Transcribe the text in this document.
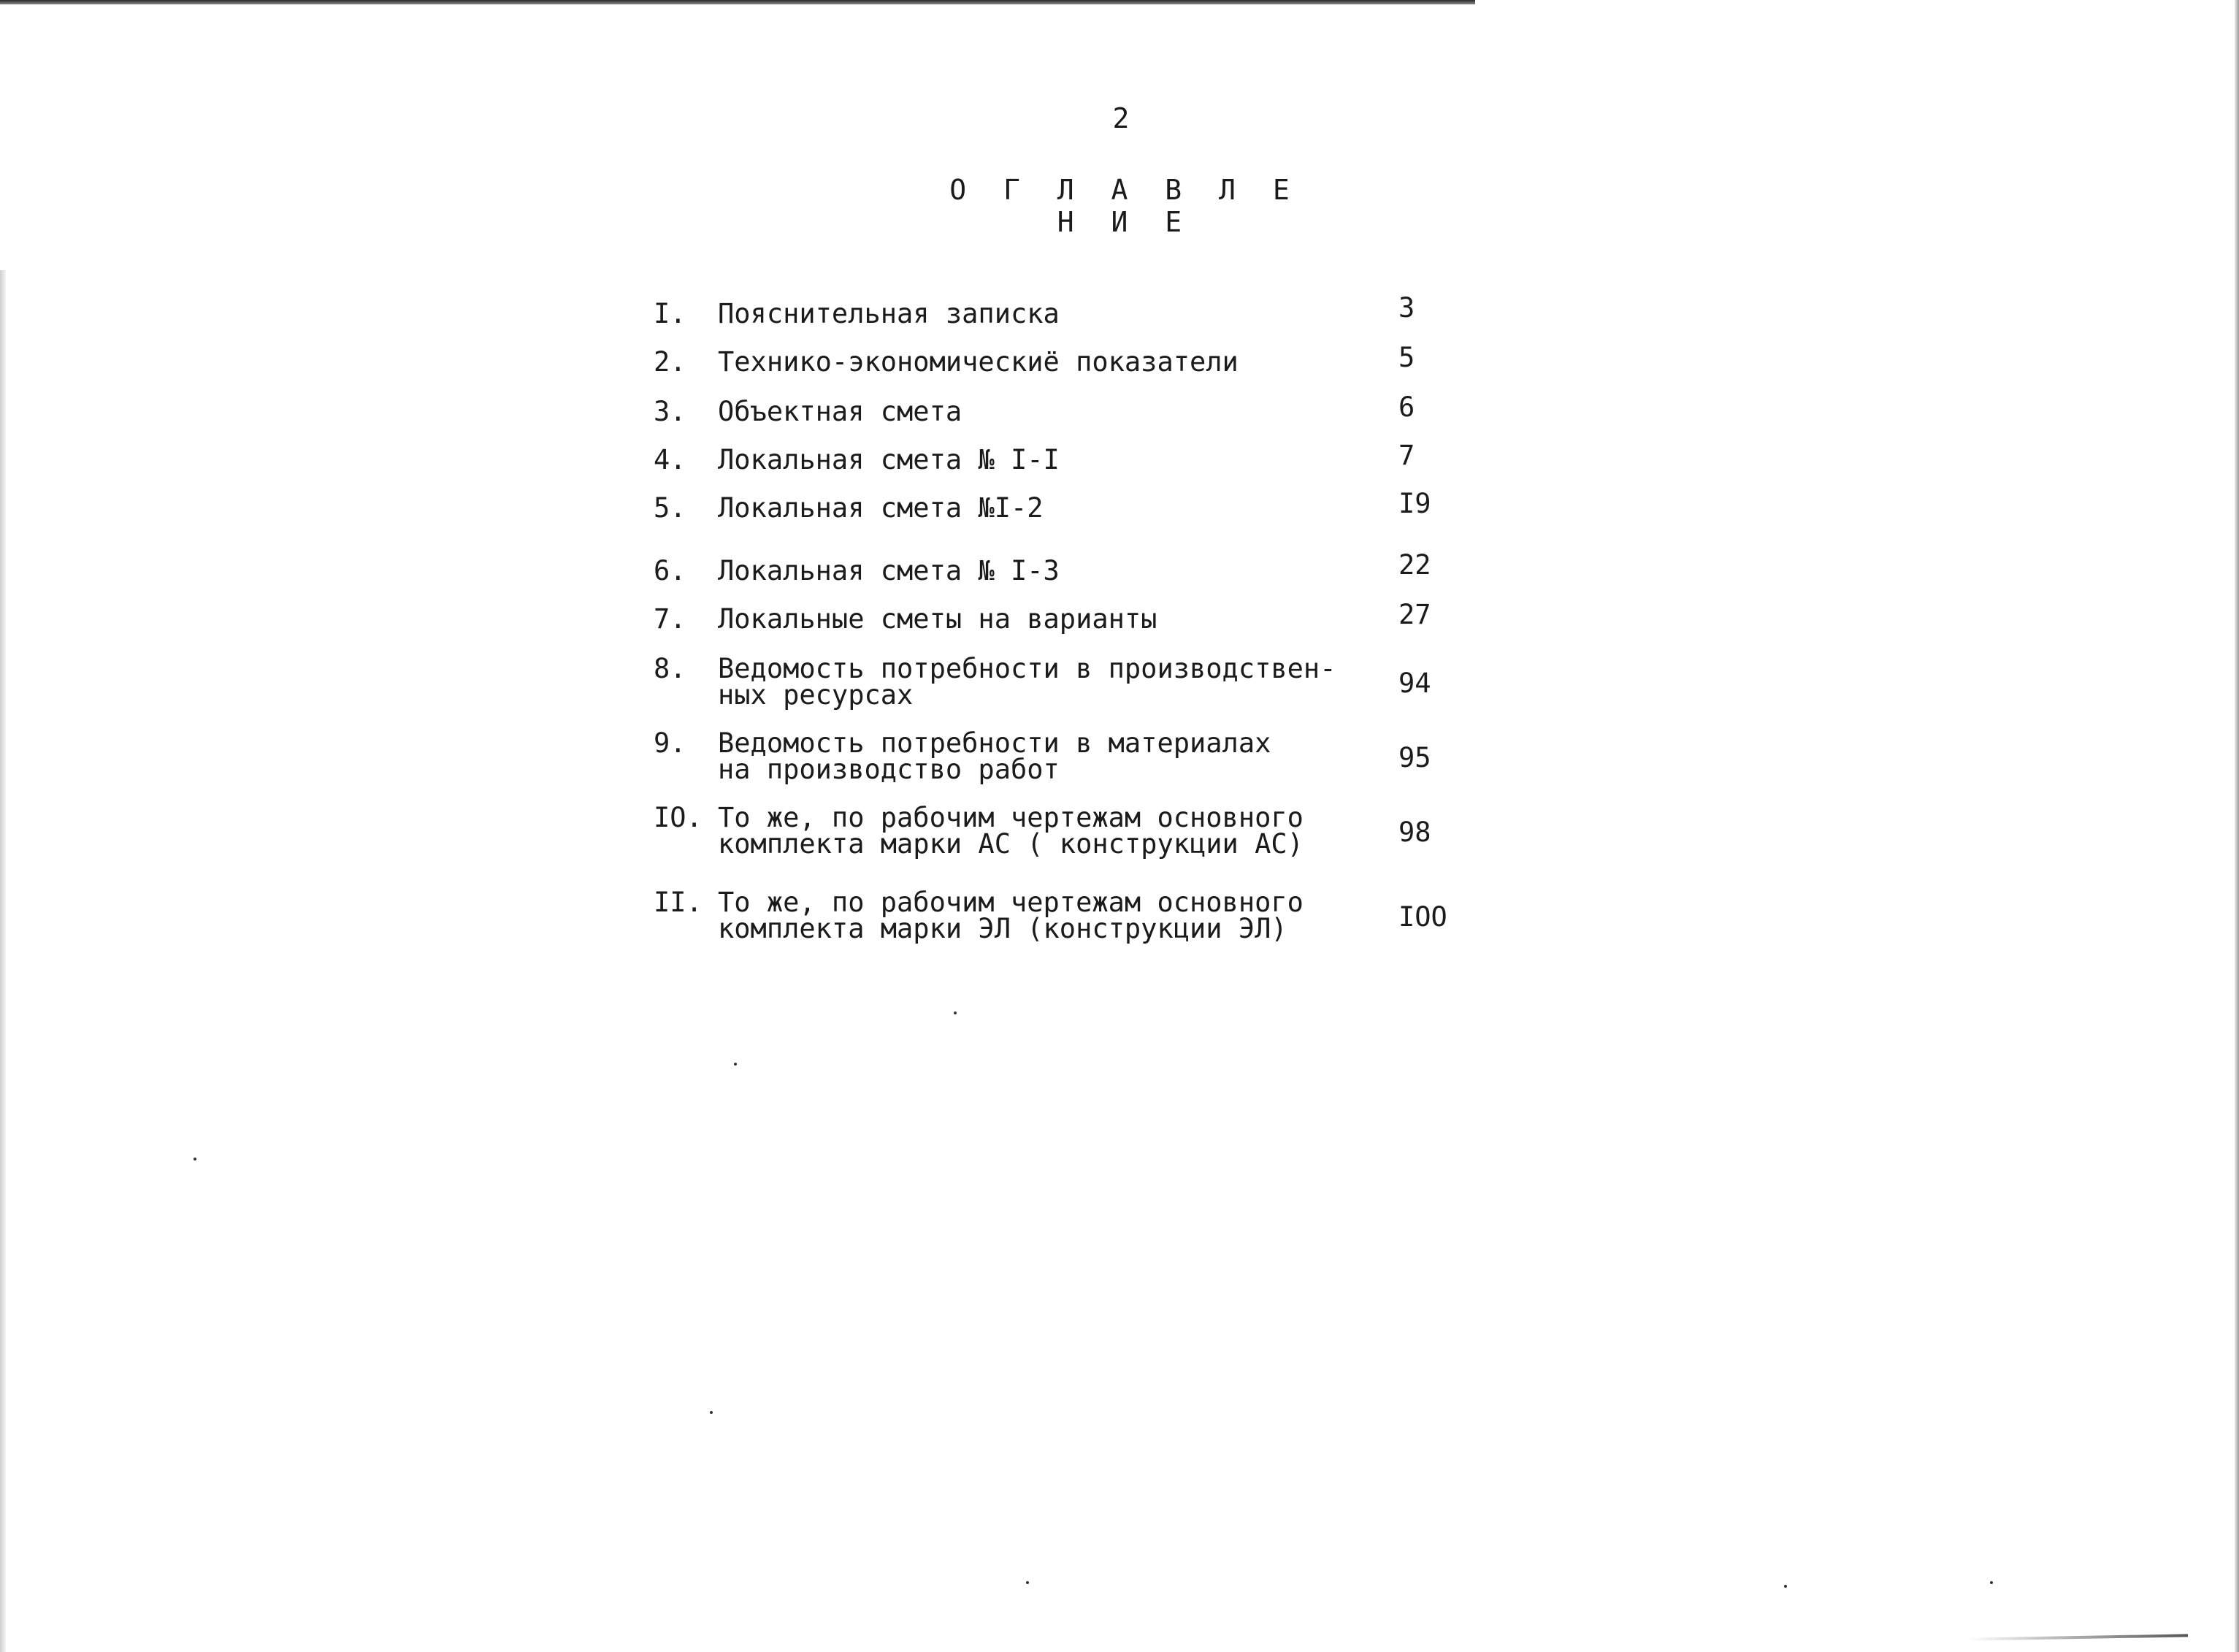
2
О Г Л А В Л Е Н И Е
I.	Пояснительная записка	3
2.	Технико-экономическиё показатели	5
3.	Объектная смета	6
4.	Локальная смета № I-I	7
5.	Локальная смета №I-2	I9
6.	Локальная смета № I-3	22
7.	Локальные сметы на варианты	27
8.	Ведомость потребности в производствен-
ных ресурсах	94
9.	Ведомость потребности в материалах
на производство работ	95
IO. То же, по рабочим чертежам основного
комплекта марки АС ( конструкции АС)	98
II. То же, по рабочим чертежам основного
комплекта марки ЭЛ (конструкции ЭЛ)	IOO
